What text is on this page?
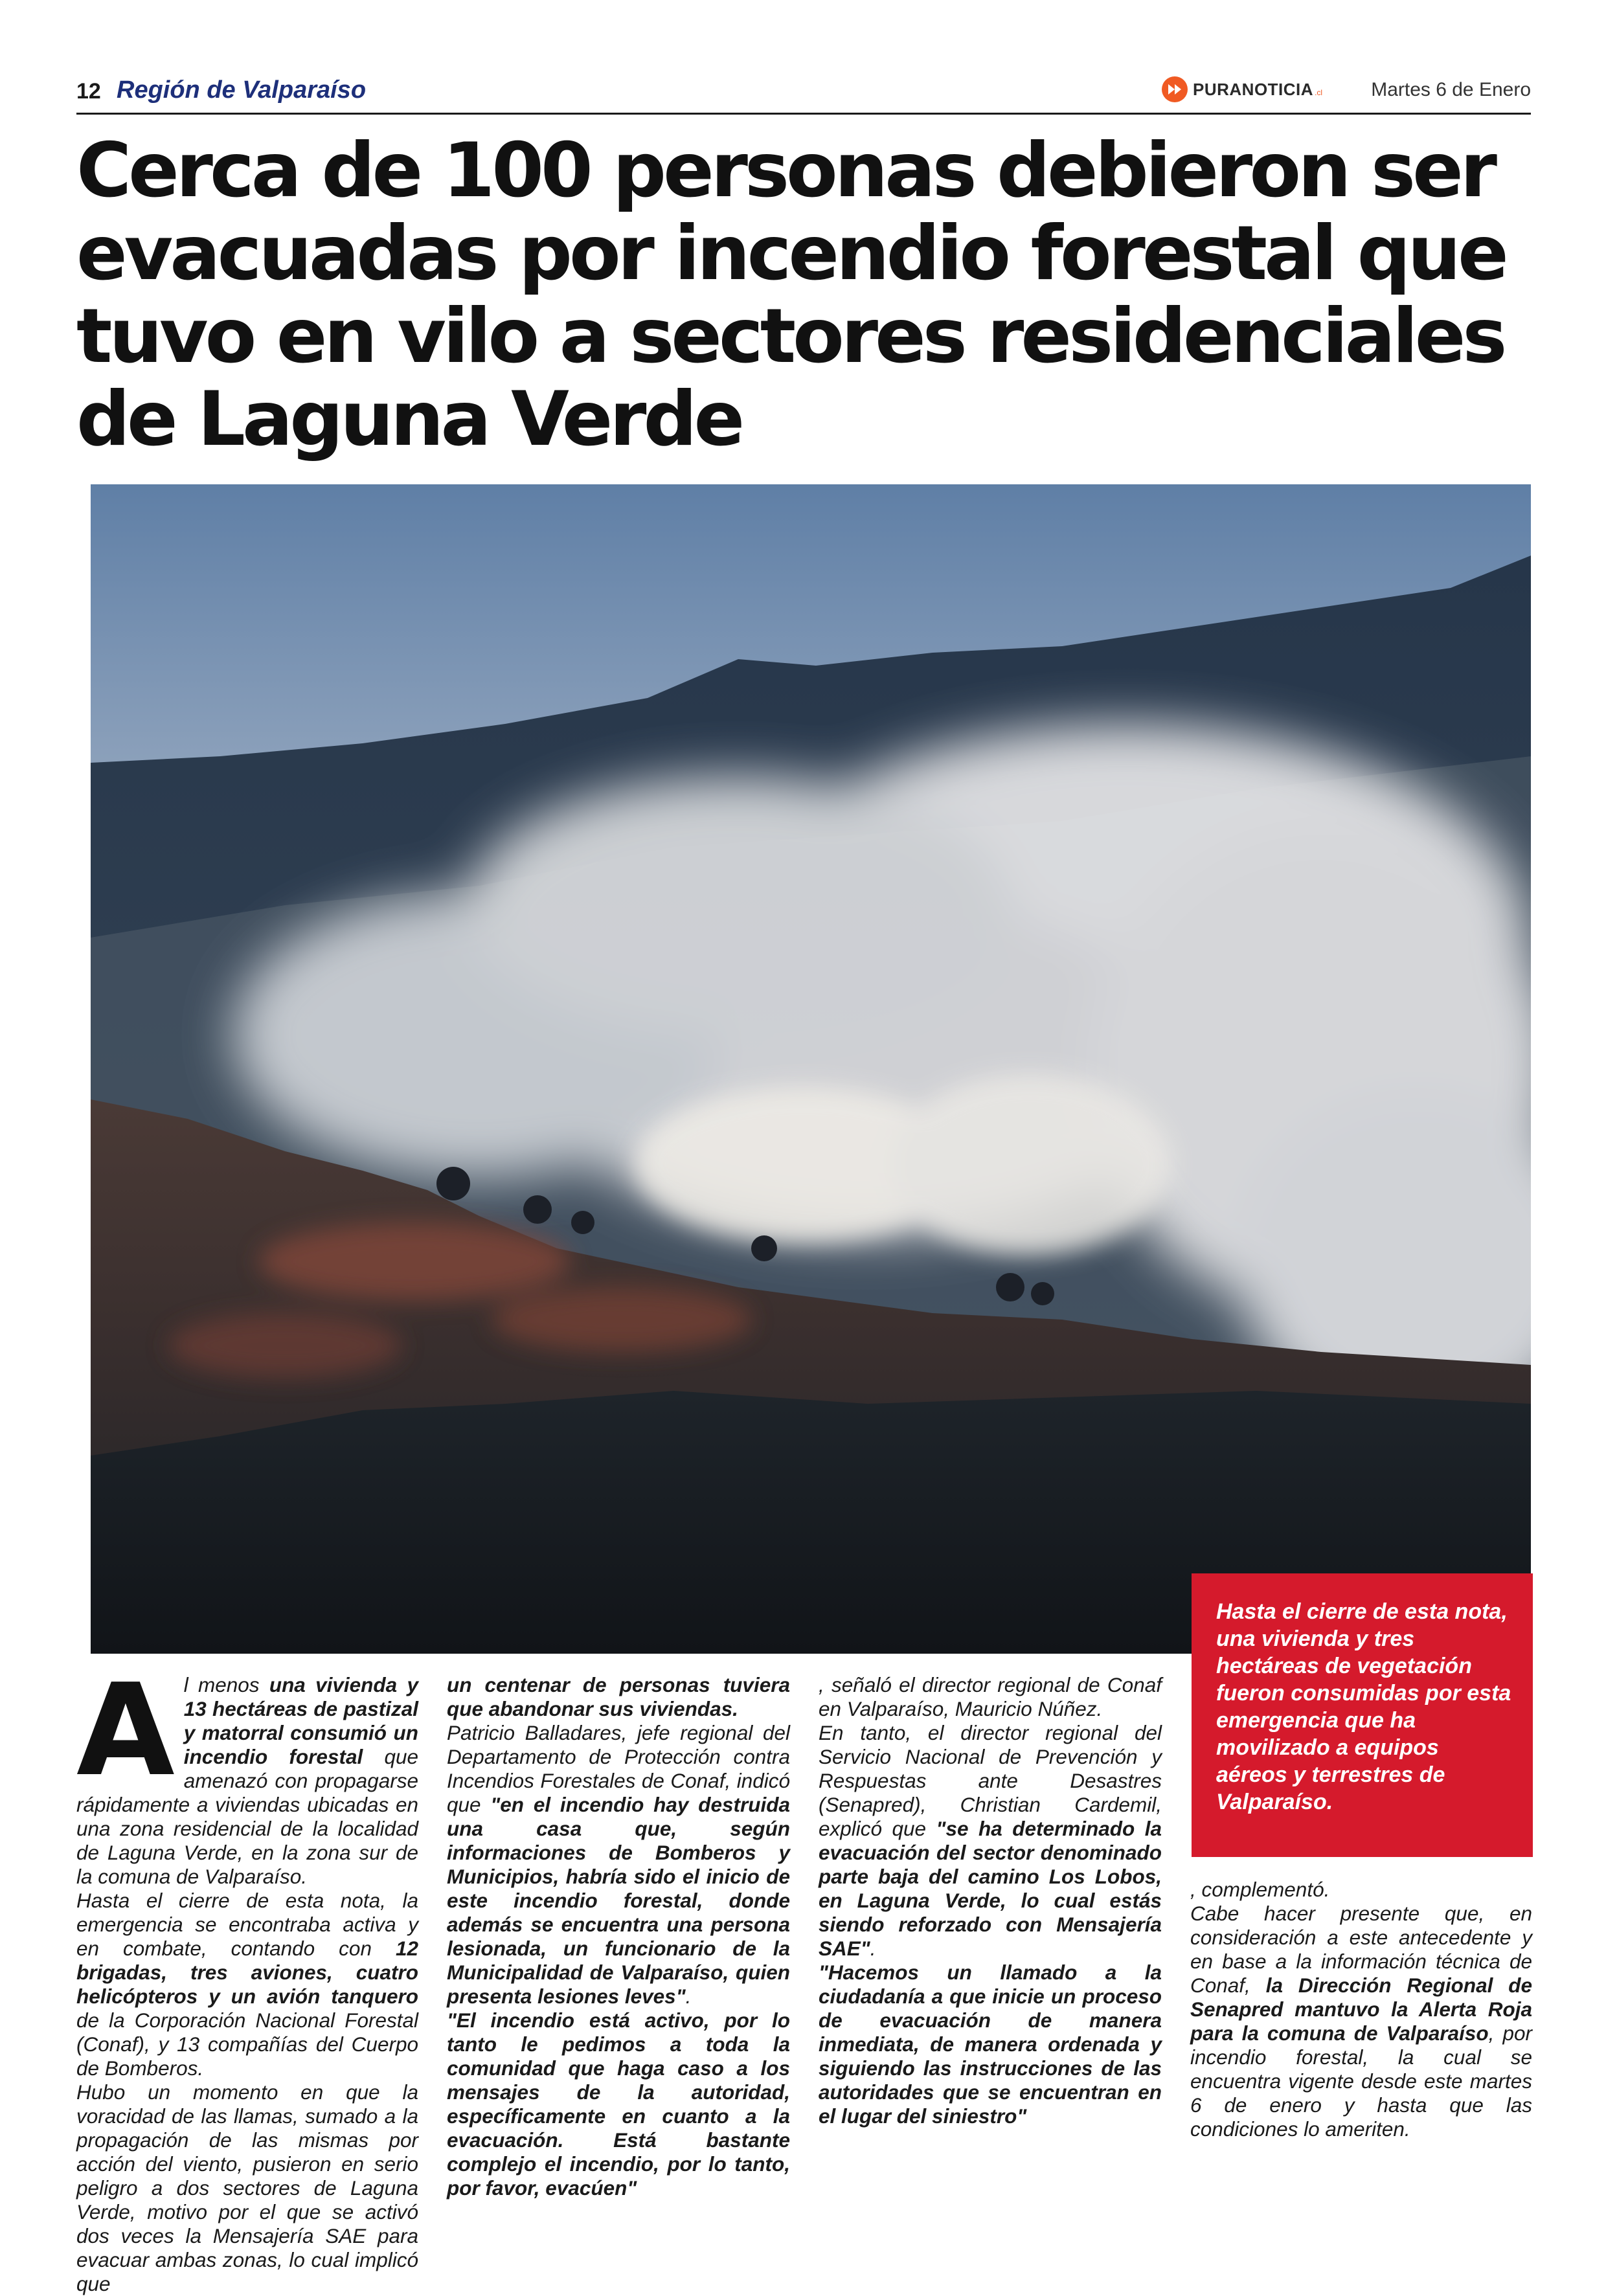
12 Región de Valparaíso	PURANOTICIA .cl	Martes 6 de Enero
Cerca de 100 personas debieron ser evacuadas por incendio forestal que tuvo en vilo a sectores residenciales de Laguna Verde

Hasta el cierre de esta nota, una vivienda y tres hectáreas de vegetación fueron consumidas por esta emergencia que ha movilizado a equipos aéreos y terrestres de Valparaíso.

Al menos una vivienda y 13 hectáreas de pastizal y matorral consumió un incendio forestal que amenazó con propagarse rápidamente a viviendas ubicadas en una zona residencial de la localidad de Laguna Verde, en la zona sur de la comuna de Valparaíso.

Hasta el cierre de esta nota, la emergencia se encontraba activa y en combate, contando con 12 brigadas, tres aviones, cuatro helicópteros y un avión tanquero de la Corporación Nacional Forestal (Conaf), y 13 compañías del Cuerpo de Bomberos.

Hubo un momento en que la voracidad de las llamas, sumado a la propagación de las mismas por acción del viento, pusieron en serio peligro a dos sectores de Laguna Verde, motivo por el que se activó dos veces la Mensajería SAE para evacuar ambas zonas, lo cual implicó que

un centenar de personas tuviera que abandonar sus viviendas.

Patricio Balladares, jefe regional del Departamento de Protección contra Incendios Forestales de Conaf, indicó que "en el incendio hay destruida una casa que, según informaciones de Bomberos y Municipios, habría sido el inicio de este incendio forestal, donde además se encuentra una persona lesionada, un funcionario de la Municipalidad de Valparaíso, quien presenta lesiones leves".

"El incendio está activo, por lo tanto le pedimos a toda la comunidad que haga caso a los mensajes de la autoridad, específicamente en cuanto a la evacuación. Está bastante complejo el incendio, por lo tanto, por favor, evacúen"

, señaló el director regional de Conaf en Valparaíso, Mauricio Núñez.

En tanto, el director regional del Servicio Nacional de Prevención y Respuestas ante Desastres (Senapred), Christian Cardemil, explicó que "se ha determinado la evacuación del sector denominado parte baja del camino Los Lobos, en Laguna Verde, lo cual estás siendo reforzado con Mensajería SAE".

"Hacemos un llamado a la ciudadanía a que inicie un proceso de evacuación de manera inmediata, de manera ordenada y siguiendo las instrucciones de las autoridades que se encuentran en el lugar del siniestro"

, complementó.

Cabe hacer presente que, en consideración a este antecedente y en base a la información técnica de Conaf, la Dirección Regional de Senapred mantuvo la Alerta Roja para la comuna de Valparaíso, por incendio forestal, la cual se encuentra vigente desde este martes 6 de enero y hasta que las condiciones lo ameriten.
